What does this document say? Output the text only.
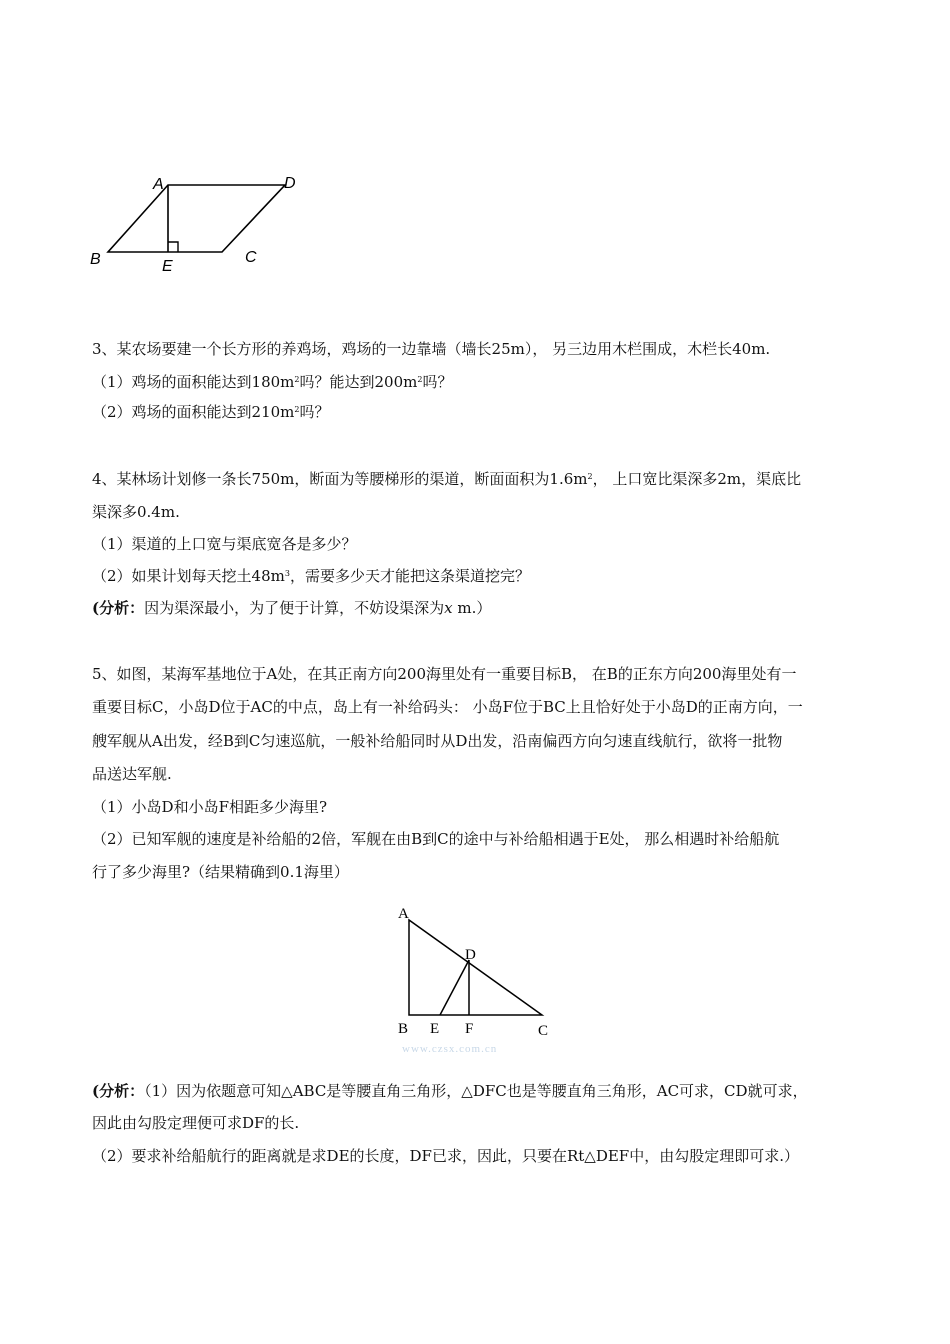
A	D
B	E
C
3、某农场要建一个长方形的养鸡场，鸡场的一边靠墙（墙长25m）， 另三边用木栏围成，木栏长40m.
（1）鸡场的面积能达到$180m^2$吗？能达到$200m^2$吗？
（2）鸡场的面积能达到$210m^2$吗？
4、某林场计划修一条长750m，断面为等腰梯形的渠道，断面面积为$1.6m^2$， 上口宽比渠深多2m，渠底比
渠深多0.4m.
（1）渠道的上口宽与渠底宽各是多少？
（2）如果计划每天挖土$48m^3$，需要多少天才能把这条渠道挖完？
(分析：因为渠深最小，为了便于计算，不妨设渠深为x m.）
5、如图，某海军基地位于A处，在其正南方向200海里处有一重要目标B， 在B的正东方向200海里处有一
重要目标C，小岛D位于AC的中点，岛上有一补给码头： 小岛F位于BC上且恰好处于小岛D的正南方向，一
艘军舰从A出发，经B到C匀速巡航，一般补给船同时从D出发，沿南偏西方向匀速直线航行，欲将一批物
品送达军舰.
（1）小岛D和小岛F相距多少海里?
（2）已知军舰的速度是补给船的2倍，军舰在由B到C的途中与补给船相遇于E处， 那么相遇时补给船航
行了多少海里?（结果精确到0.1海里）
A
D
B E F	C
www.czsx.com.cn
(分析：（1）因为依题意可知△ABC是等腰直角三角形，△DFC也是等腰直角三角形，AC可求，CD就可求，
因此由勾股定理便可求DF的长.
（2）要求补给船航行的距离就是求DE的长度，DF已求，因此，只要在Rt△DEF中，由勾股定理即可求.）
